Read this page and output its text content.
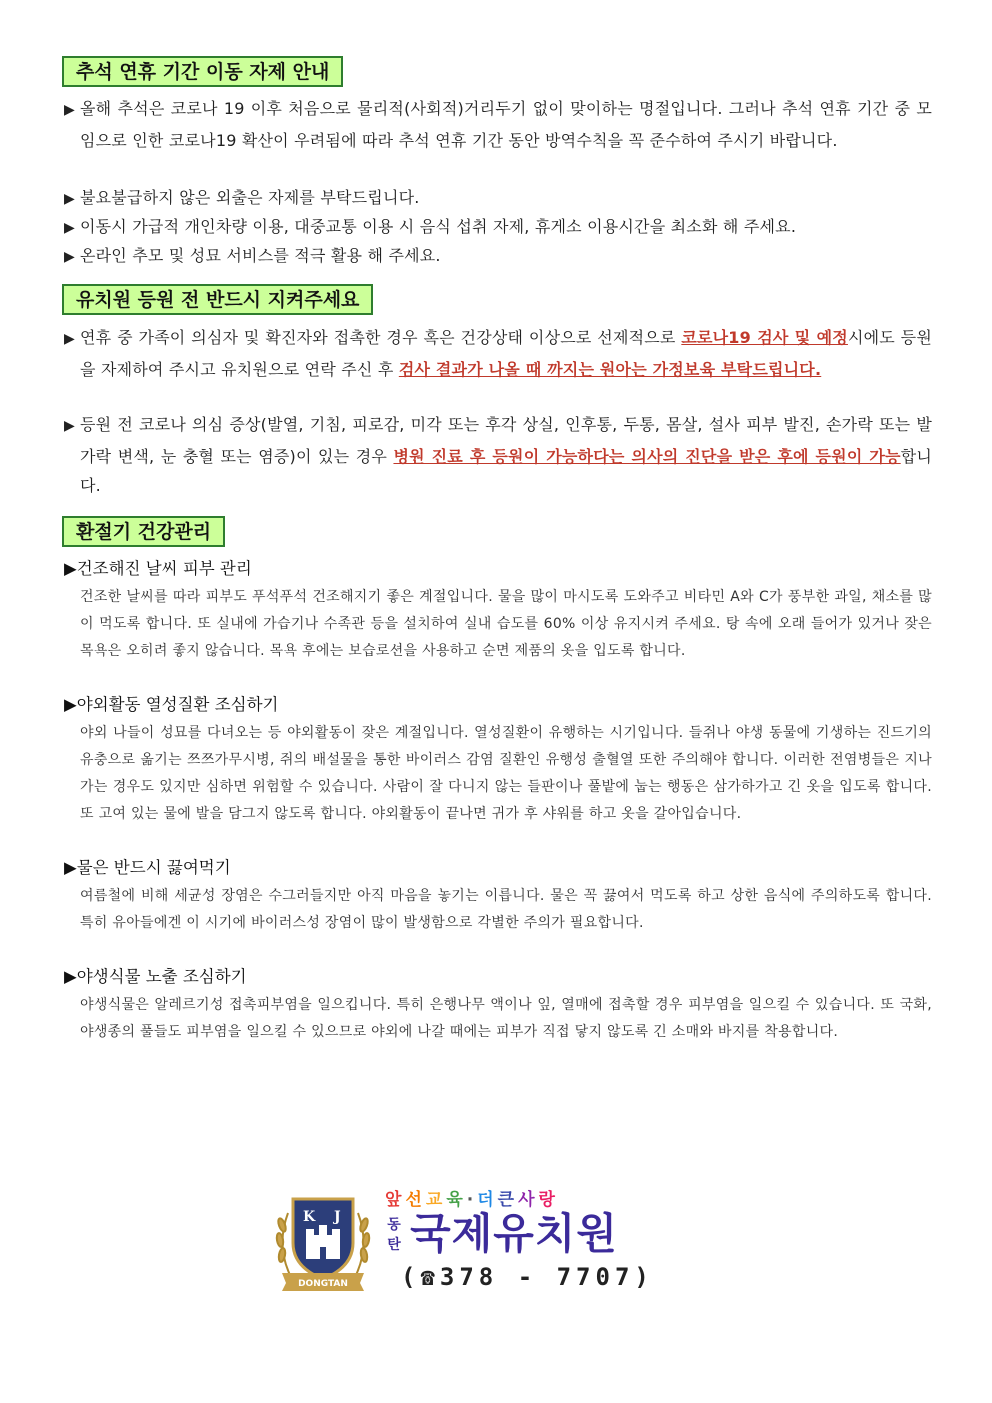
추석 연휴 기간 이동 자제 안내

▶ 올해 추석은 코로나 19 이후 처음으로 물리적(사회적)거리두기 없이 맞이하는 명절입니다. 그러나 추석 연휴 기간 중 모임으로 인한 코로나19 확산이 우려됨에 따라 추석 연휴 기간 동안 방역수칙을 꼭 준수하여 주시기 바랍니다.

▶ 불요불급하지 않은 외출은 자제를 부탁드립니다.

▶ 이동시 가급적 개인차량 이용, 대중교통 이용 시 음식 섭취 자제, 휴게소 이용시간을 최소화 해 주세요.

▶ 온라인 추모 및 성묘 서비스를 적극 활용 해 주세요.

유치원 등원 전 반드시 지켜주세요

▶ 연휴 중 가족이 의심자 및 확진자와 접촉한 경우 혹은 건강상태 이상으로 선제적으로 코로나19 검사 및 예정시에도 등원을 자제하여 주시고 유치원으로 연락 주신 후 검사 결과가 나올 때 까지는 원아는 가정보육 부탁드립니다.

▶ 등원 전 코로나 의심 증상(발열, 기침, 피로감, 미각 또는 후각 상실, 인후통, 두통, 몸살, 설사 피부 발진, 손가락 또는 발가락 변색, 눈 충혈 또는 염증)이 있는 경우 병원 진료 후 등원이 가능하다는 의사의 진단을 받은 후에 등원이 가능합니다.

환절기 건강관리
▶건조해진 날씨 피부 관리

건조한 날씨를 따라 피부도 푸석푸석 건조해지기 좋은 계절입니다. 물을 많이 마시도록 도와주고 비타민 A와 C가 풍부한 과일, 채소를 많이 먹도록 합니다. 또 실내에 가습기나 수족관 등을 설치하여 실내 습도를 60% 이상 유지시켜 주세요. 탕 속에 오래 들어가 있거나 잦은 목욕은 오히려 좋지 않습니다. 목욕 후에는 보습로션을 사용하고 순면 제품의 옷을 입도록 합니다.

▶야외활동 열성질환 조심하기

야외 나들이 성묘를 다녀오는 등 야외활동이 잦은 계절입니다. 열성질환이 유행하는 시기입니다. 들쥐나 야생 동물에 기생하는 진드기의 유충으로 옮기는 쯔쯔가무시병, 쥐의 배설물을 통한 바이러스 감염 질환인 유행성 출혈열 또한 주의해야 합니다. 이러한 전염병들은 지나가는 경우도 있지만 심하면 위험할 수 있습니다. 사람이 잘 다니지 않는 들판이나 풀밭에 눕는 행동은 삼가하가고 긴 옷을 입도록 합니다. 또 고여 있는 물에 발을 담그지 않도록 합니다. 야외활동이 끝나면 귀가 후 샤워를 하고 옷을 갈아입습니다.

▶물은 반드시 끓여먹기

여름철에 비해 세균성 장염은 수그러들지만 아직 마음을 놓기는 이릅니다. 물은 꼭 끓여서 먹도록 하고 상한 음식에 주의하도록 합니다. 특히 유아들에겐 이 시기에 바이러스성 장염이 많이 발생함으로 각별한 주의가 필요합니다.

▶야생식물 노출 조심하기

야생식물은 알레르기성 접촉피부염을 일으킵니다. 특히 은행나무 액이나 잎, 열매에 접촉할 경우 피부염을 일으킬 수 있습니다. 또 국화, 야생종의 풀들도 피부염을 일으킬 수 있으므로 야외에 나갈 때에는 피부가 직접 닿지 않도록 긴 소매와 바지를 착용합니다.

K J
DONGTAN
앞선교육·더큰사랑
동
탄 국제유치원
(☎378 - 7707)
